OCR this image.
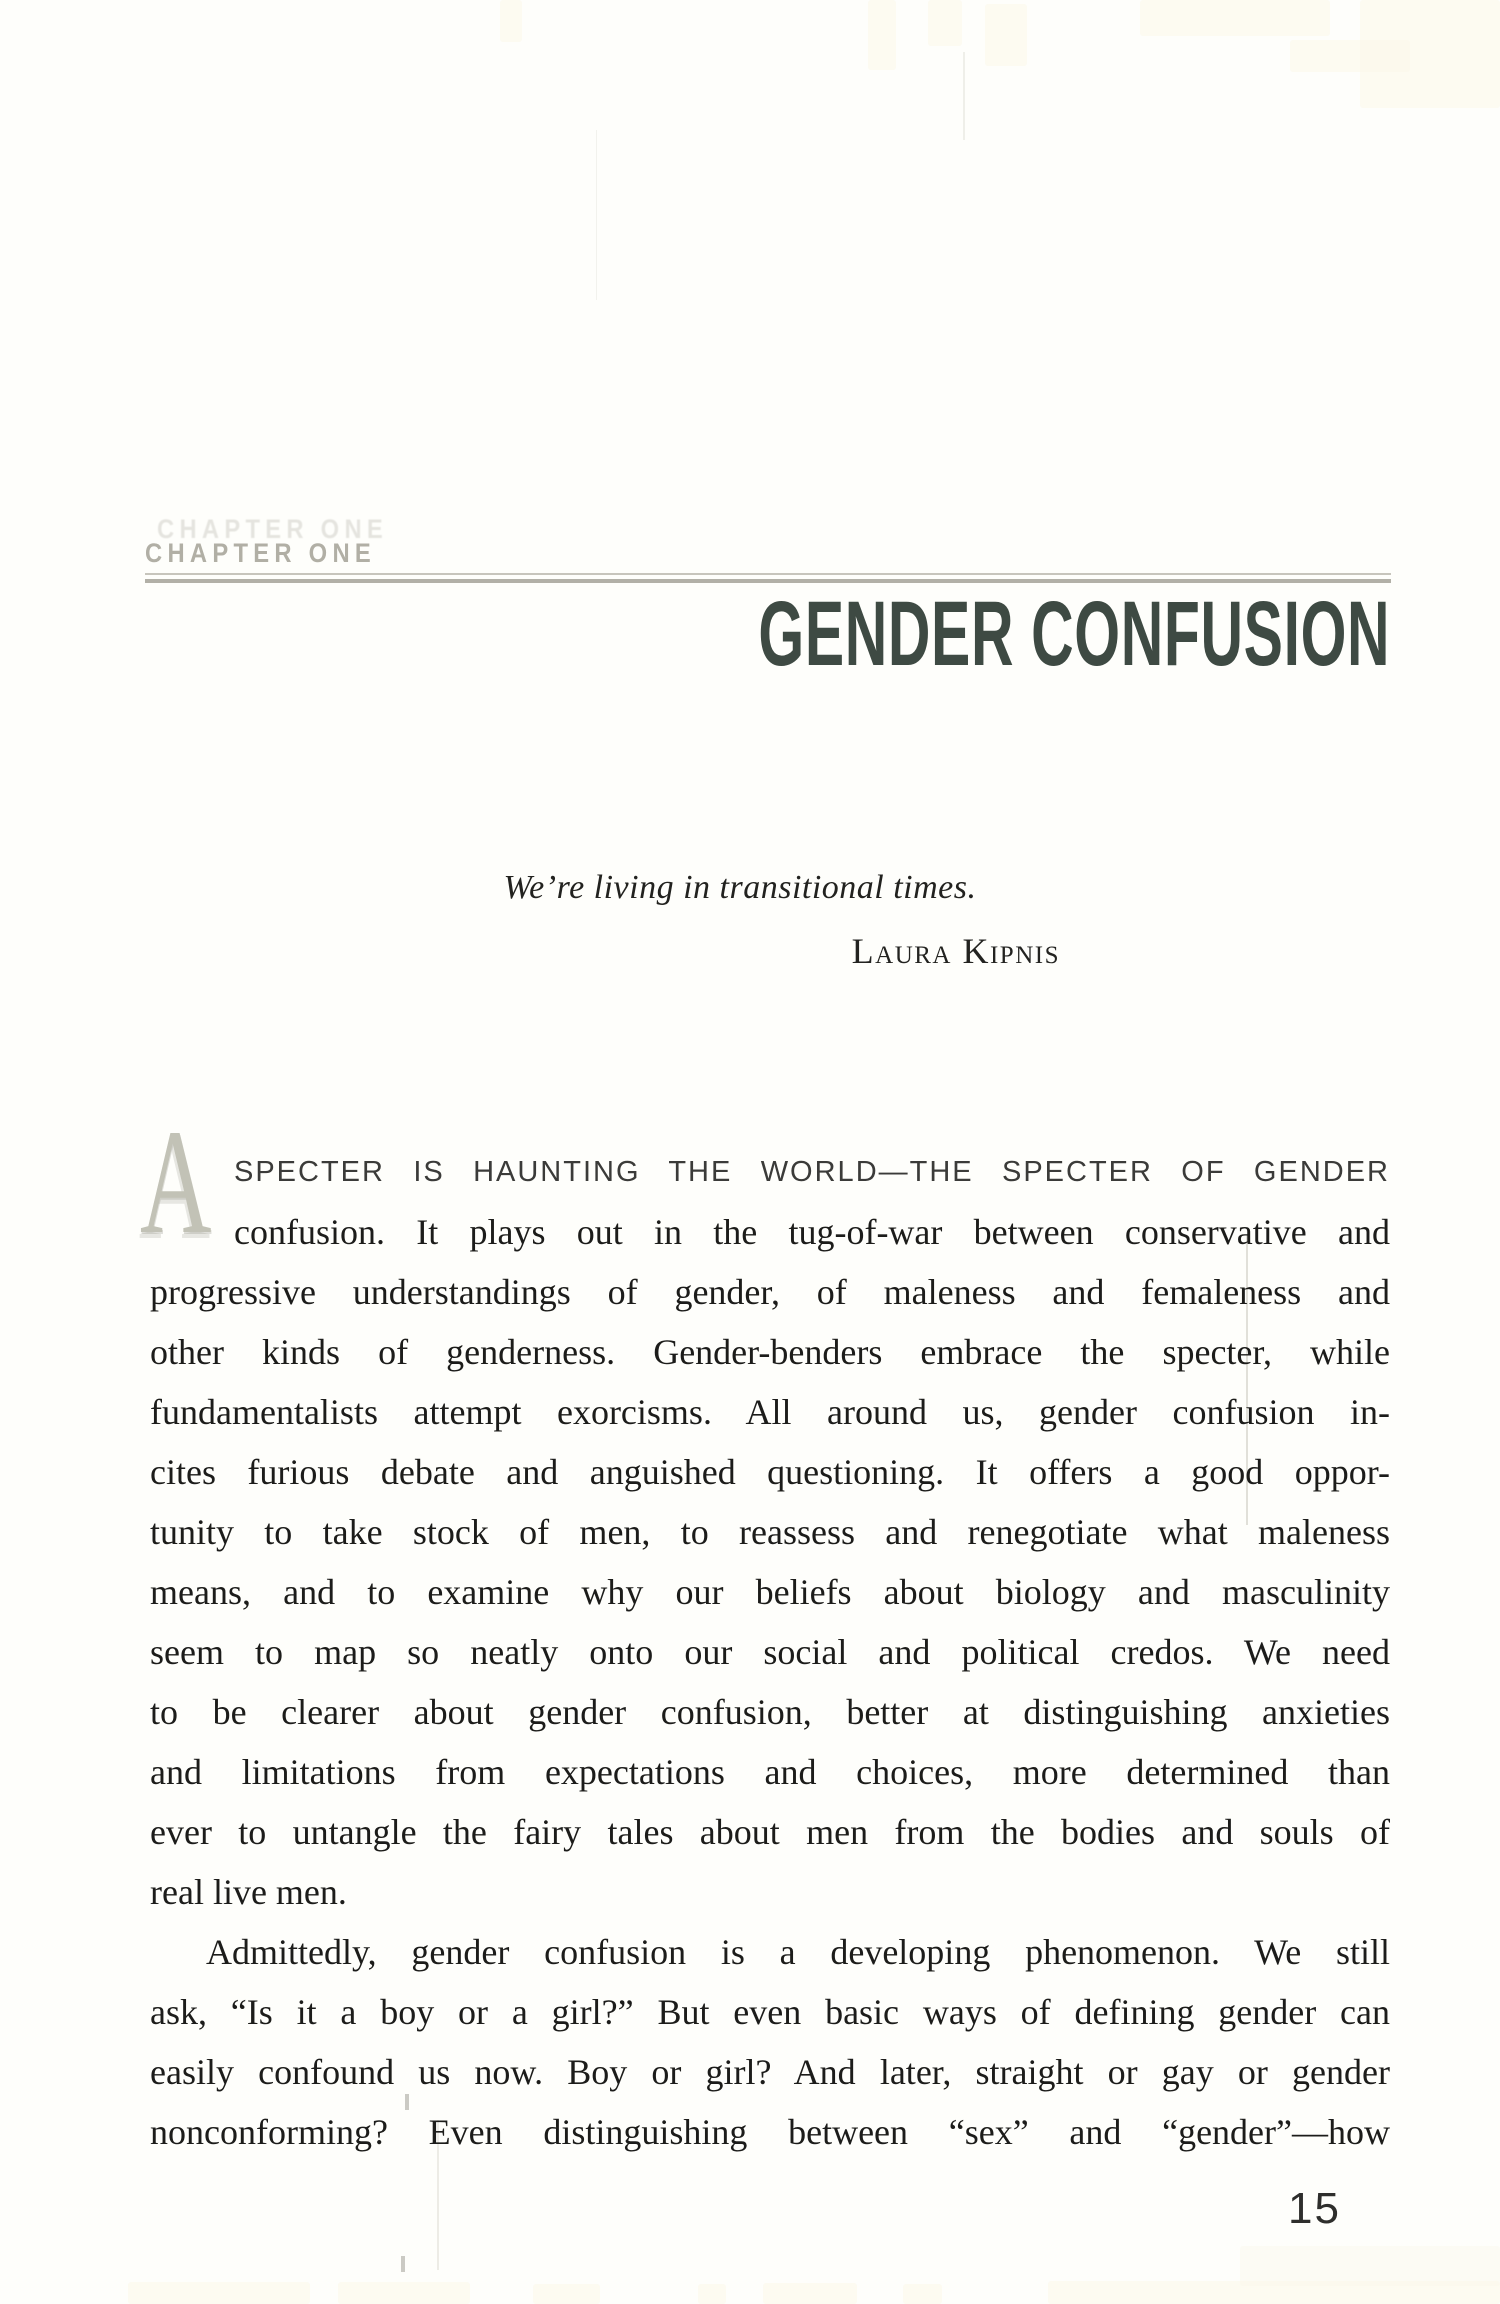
CHAPTER ONE
CHAPTER ONE
GENDER CONFUSION
We’re living in transitional times.
Laura Kipnis
A SPECTER IS HAUNTING THE WORLD—THE SPECTER OF GENDER
confusion. It plays out in the tug-of-war between conservative and
progressive understandings of gender, of maleness and femaleness and
other kinds of genderness. Gender-benders embrace the specter, while
fundamentalists attempt exorcisms. All around us, gender confusion in-
cites furious debate and anguished questioning. It offers a good oppor-
tunity to take stock of men, to reassess and renegotiate what maleness
means, and to examine why our beliefs about biology and masculinity
seem to map so neatly onto our social and political credos. We need
to be clearer about gender confusion, better at distinguishing anxieties
and limitations from expectations and choices, more determined than
ever to untangle the fairy tales about men from the bodies and souls of
real live men.
Admittedly, gender confusion is a developing phenomenon. We still
ask, “Is it a boy or a girl?” But even basic ways of defining gender can
easily confound us now. Boy or girl? And later, straight or gay or gender
nonconforming? Even distinguishing between “sex” and “gender”—how
15
